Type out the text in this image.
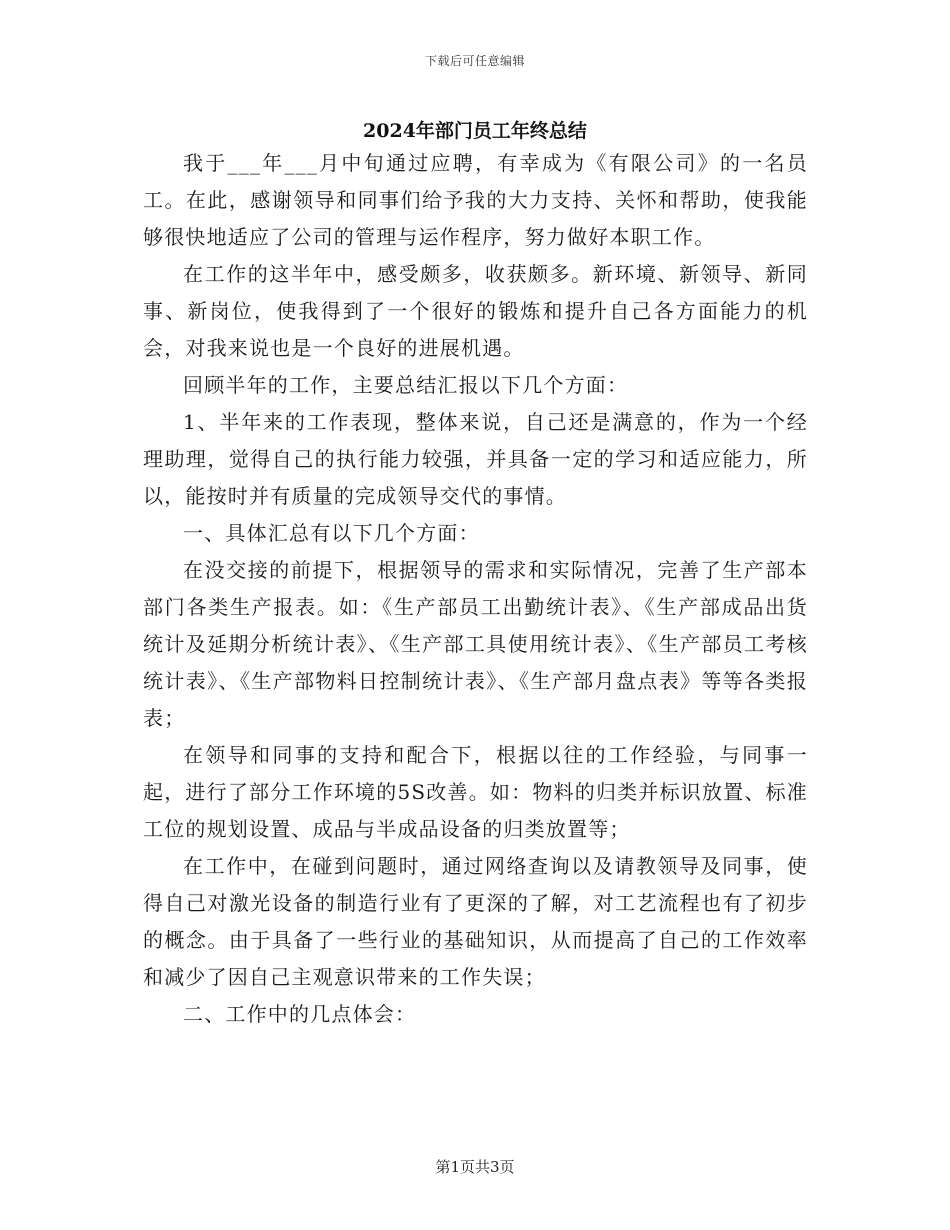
下载后可任意编辑
2024年部门员工年终总结

我于___年___月中旬通过应聘，有幸成为《有限公司》的一名员工。在此，感谢领导和同事们给予我的大力支持、关怀和帮助，使我能够很快地适应了公司的管理与运作程序，努力做好本职工作。

在工作的这半年中，感受颇多，收获颇多。新环境、新领导、新同事、新岗位，使我得到了一个很好的锻炼和提升自己各方面能力的机会，对我来说也是一个良好的进展机遇。

回顾半年的工作，主要总结汇报以下几个方面：

1、半年来的工作表现，整体来说，自己还是满意的，作为一个经理助理，觉得自己的执行能力较强，并具备一定的学习和适应能力，所以，能按时并有质量的完成领导交代的事情。

一、具体汇总有以下几个方面：

在没交接的前提下，根据领导的需求和实际情况，完善了生产部本部门各类生产报表。如：《生产部员工出勤统计表》、《生产部成品出货统计及延期分析统计表》、《生产部工具使用统计表》、《生产部员工考核统计表》、《生产部物料日控制统计表》、《生产部月盘点表》等等各类报表；

在领导和同事的支持和配合下，根据以往的工作经验，与同事一起，进行了部分工作环境的5S改善。如：物料的归类并标识放置、标准工位的规划设置、成品与半成品设备的归类放置等；

在工作中，在碰到问题时，通过网络查询以及请教领导及同事，使得自己对激光设备的制造行业有了更深的了解，对工艺流程也有了初步的概念。由于具备了一些行业的基础知识，从而提高了自己的工作效率和减少了因自己主观意识带来的工作失误；

二、工作中的几点体会：

第1页共3页
